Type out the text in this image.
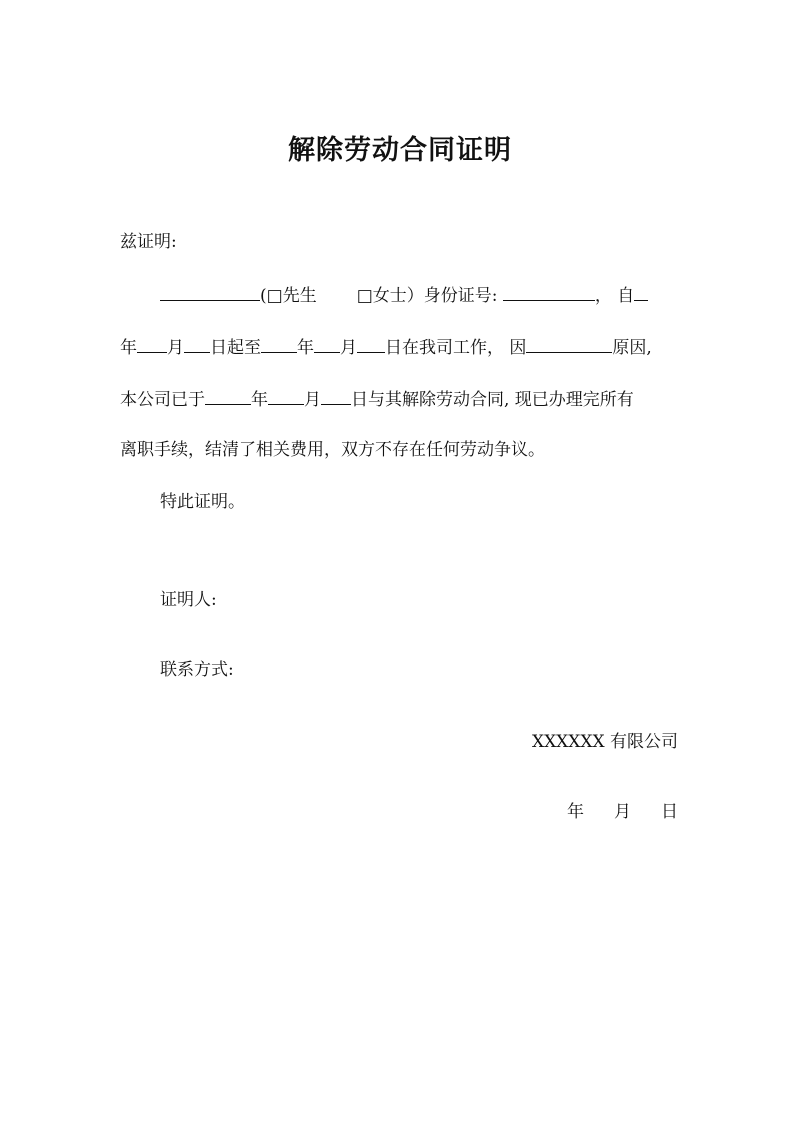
解除劳动合同证明
兹证明:
(□先生 □女士）身份证号:	， 自
年 月 日起至 年 月 日在我司工作， 因	原因,
本公司已于	年 月 日与其解除劳动合同, 现已办理完所有
离职手续，结清了相关费用，双方不存在任何劳动争议。
特此证明。
证明人:
联系方式:
XXXXXX 有限公司
年 月 日
